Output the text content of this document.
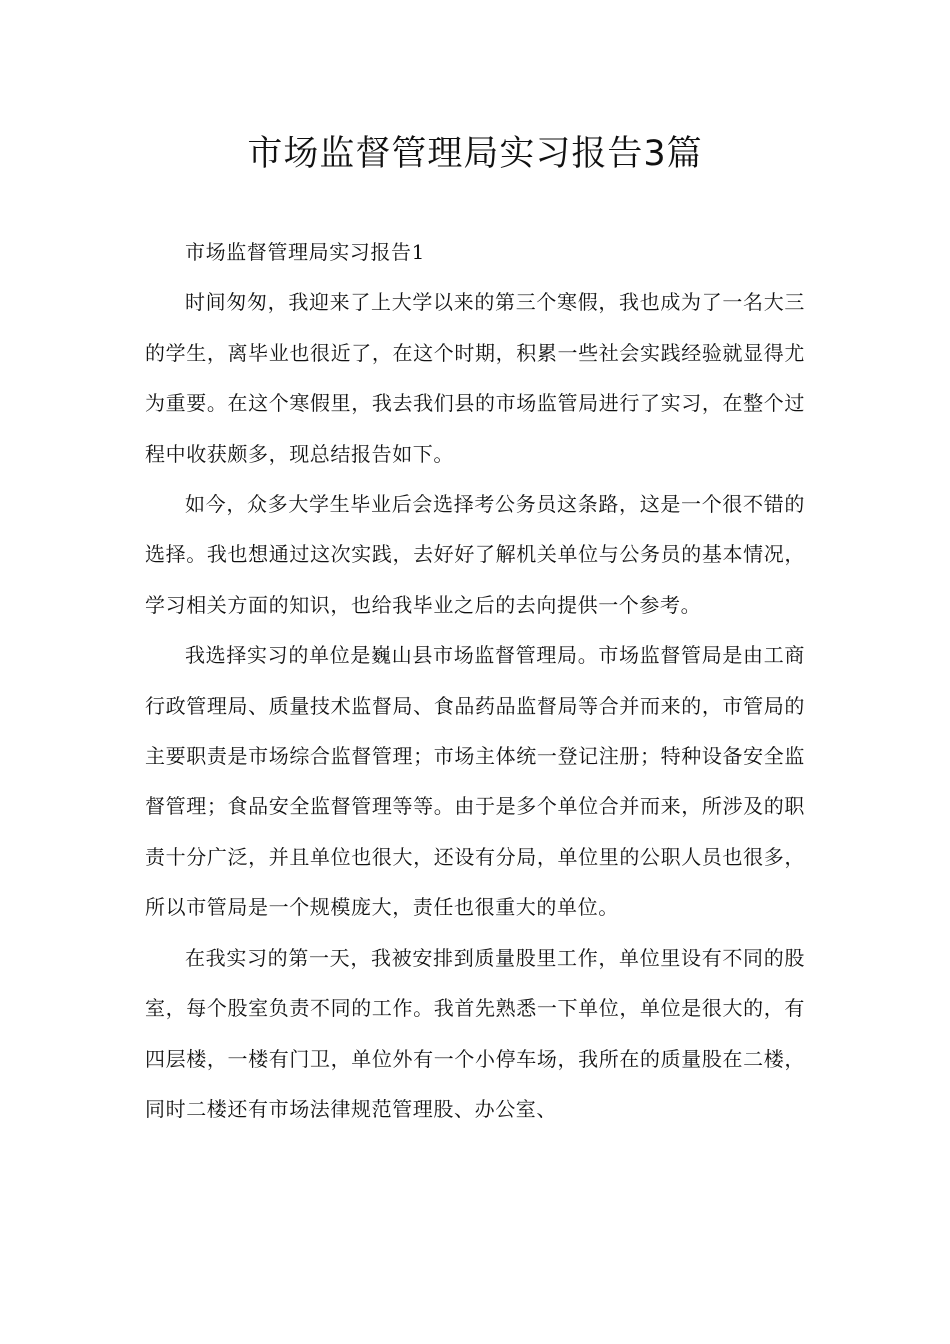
市场监督管理局实习报告3篇

市场监督管理局实习报告1

时间匆匆，我迎来了上大学以来的第三个寒假，我也成为了一名大三的学生，离毕业也很近了，在这个时期，积累一些社会实践经验就显得尤为重要。在这个寒假里，我去我们县的市场监管局进行了实习，在整个过程中收获颇多，现总结报告如下。

如今，众多大学生毕业后会选择考公务员这条路，这是一个很不错的选择。我也想通过这次实践，去好好了解机关单位与公务员的基本情况，学习相关方面的知识，也给我毕业之后的去向提供一个参考。

我选择实习的单位是巍山县市场监督管理局。市场监督管局是由工商行政管理局、质量技术监督局、食品药品监督局等合并而来的，市管局的主要职责是市场综合监督管理；市场主体统一登记注册；特种设备安全监督管理；食品安全监督管理等等。由于是多个单位合并而来，所涉及的职责十分广泛，并且单位也很大，还设有分局，单位里的公职人员也很多，所以市管局是一个规模庞大，责任也很重大的单位。

在我实习的第一天，我被安排到质量股里工作，单位里设有不同的股室，每个股室负责不同的工作。我首先熟悉一下单位，单位是很大的，有四层楼，一楼有门卫，单位外有一个小停车场，我所在的质量股在二楼，同时二楼还有市场法律规范管理股、办公室、
